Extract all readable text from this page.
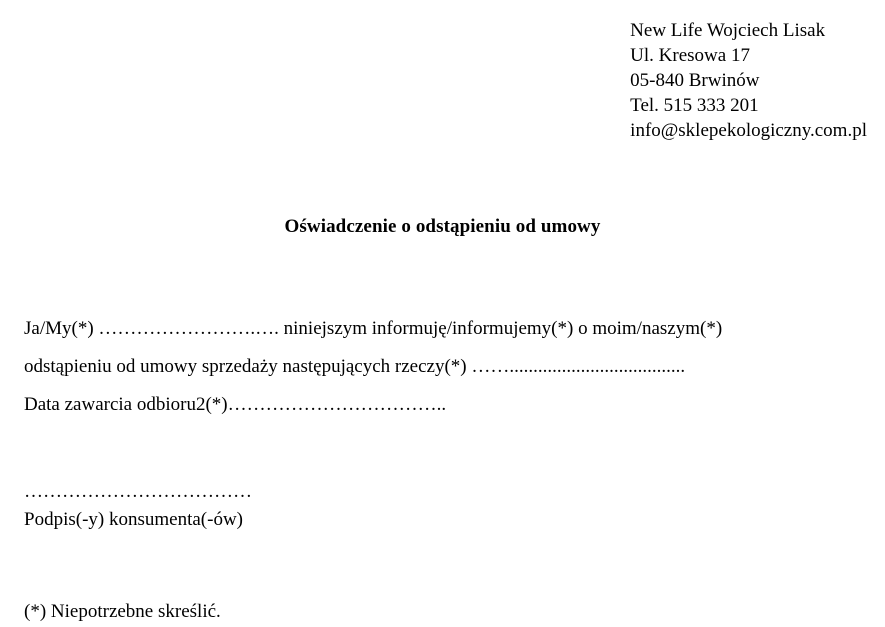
New Life Wojciech Lisak
Ul. Kresowa 17
05-840 Brwinów
Tel. 515 333 201
info@sklepekologiczny.com.pl
Oświadczenie o odstąpieniu od umowy
Ja/My(*) …………………….…. niniejszym informuję/informujemy(*) o moim/naszym(*)
odstąpieniu od umowy sprzedaży następujących rzeczy(*) …….....................................
Data zawarcia odbioru2(*)……………………………..
………………………………
Podpis(-y) konsumenta(-ów)
(*) Niepotrzebne skreślić.
